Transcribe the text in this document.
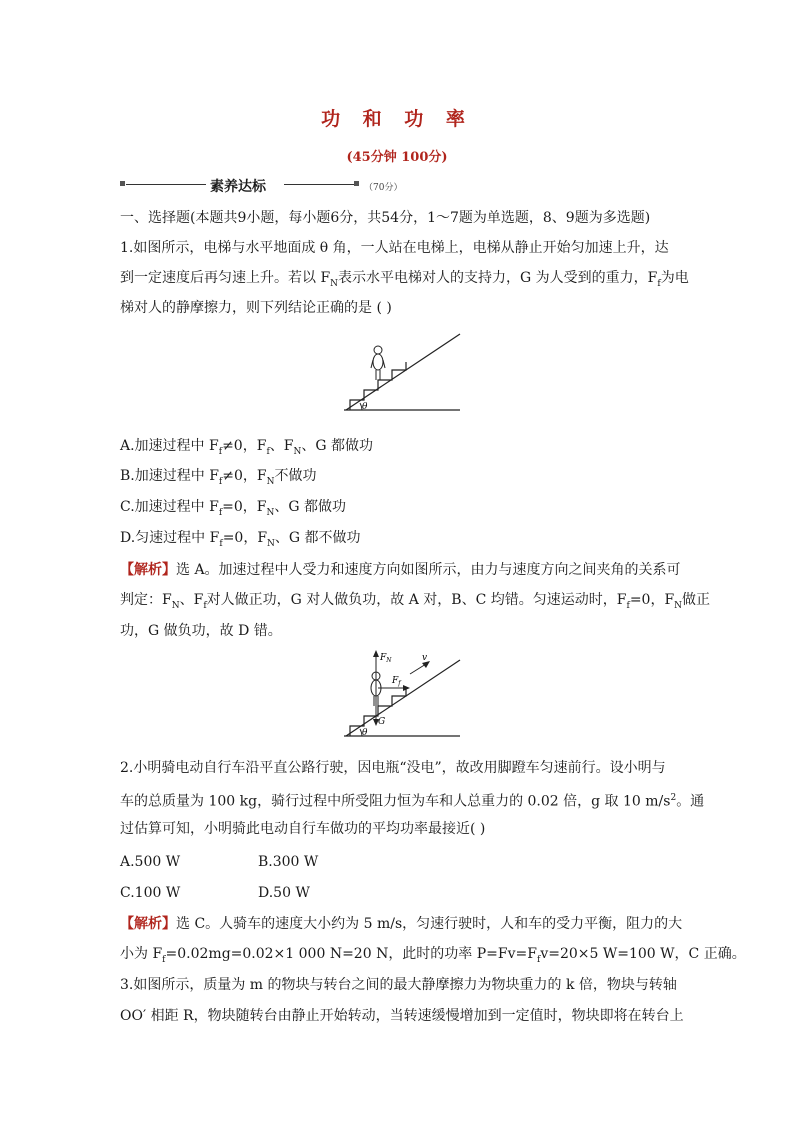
功 和 功 率
(45分钟 100分)
素养达标	（70分）
一、选择题(本题共9小题，每小题6分，共54分，1～7题为单选题，8、9题为多选题)
1.如图所示，电梯与水平地面成 θ 角，一人站在电梯上，电梯从静止开始匀加速上升，达
到一定速度后再匀速上升。若以 $F_N$表示水平电梯对人的支持力，G 为人受到的重力，$F_f$为电
梯对人的静摩擦力，则下列结论正确的是 ( )
θ
A.加速过程中 $F_f\ne 0$，$F_f$、$F_N$、G 都做功
B.加速过程中 $F_f\ne 0$，$F_N$不做功
C.加速过程中 $F_f=0$，$F_N$、G 都做功
D.匀速过程中 $F_f=0$，$F_N$、G 都不做功
【解析】选 A。加速过程中人受力和速度方向如图所示，由力与速度方向之间夹角的关系可
判定：$F_N$、$F_f$对人做正功，G 对人做负功，故 A 对，B、C 均错。匀速运动时，$F_f=0$，$F_N$做正
功，G 做负功，故 D 错。
θ
$F_N$
$F_f$
v
G
2.小明骑电动自行车沿平直公路行驶，因电瓶“没电”，故改用脚蹬车匀速前行。设小明与
车的总质量为 100 kg，骑行过程中所受阻力恒为车和人总重力的 0.02 倍，g 取 10 $m/s^2$。通
过估算可知，小明骑此电动自行车做功的平均功率最接近( )
A.500 W	B.300 W
C.100 W	D.50 W
【解析】选 C。人骑车的速度大小约为 5 m/s，匀速行驶时，人和车的受力平衡，阻力的大
小为 $F_f=0.02mg=0.02\times 1$ 000 N=20 N，此时的功率 $P=Fv=F_fv=20\times 5$ W=100 W，C 正确。
3.如图所示，质量为 m 的物块与转台之间的最大静摩擦力为物块重力的 k 倍，物块与转轴
OO′ 相距 R，物块随转台由静止开始转动，当转速缓慢增加到一定值时，物块即将在转台上
